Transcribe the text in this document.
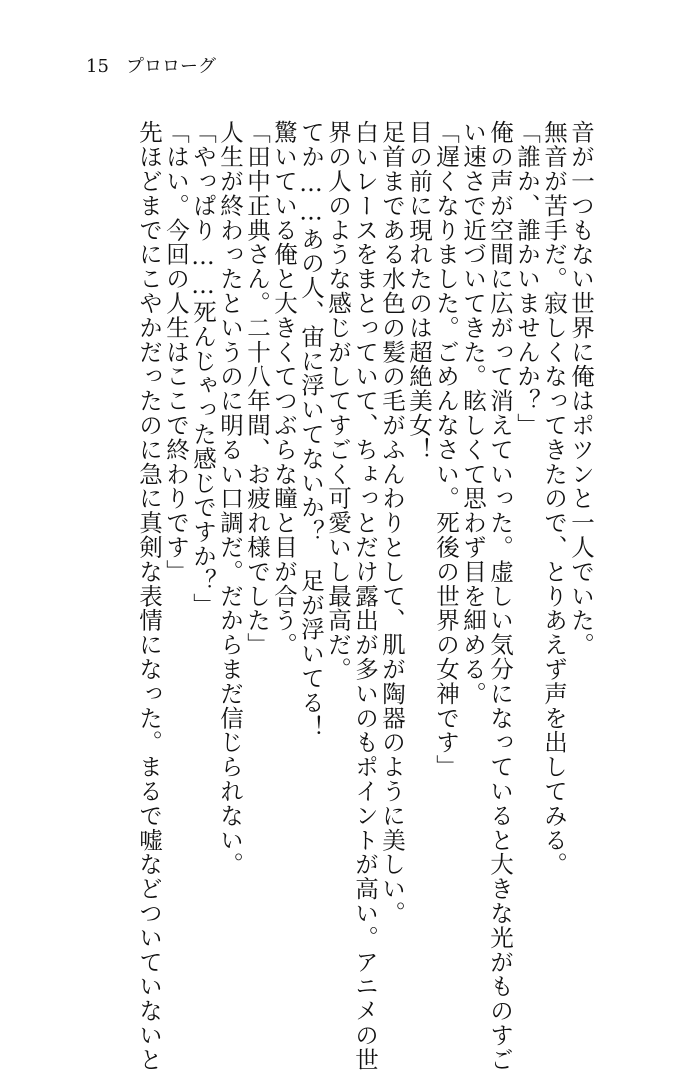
15 プロローグ
音が一つもない世界に俺はポツンと一人でいた。
無音が苦手だ。寂しくなってきたので、とりあえず声を出してみる。
「誰か、誰かいませんか？」
俺の声が空間に広がって消えていった。虚しい気分になっていると大きな光がものすご
い速さで近づいてきた。眩しくて思わず目を細める。
「遅くなりました。ごめんなさい。死後の世界の女神です」
目の前に現れたのは超絶美女！
足首まである水色の髪の毛がふんわりとして、肌が陶器のように美しい。
白いレースをまとっていて、ちょっとだけ露出が多いのもポイントが高い。アニメの世
界の人のような感じがしてすごく可愛いし最高だ。
てか……あの人、宙に浮いてないか？　足が浮いてる！
驚いている俺と大きくてつぶらな瞳と目が合う。
「田中正典さん。二十八年間、お疲れ様でした」
人生が終わったというのに明るい口調だ。だからまだ信じられない。
「やっぱり……死んじゃった感じですか？」
「はい。今回の人生はここで終わりです」
先ほどまでにこやかだったのに急に真剣な表情になった。まるで嘘などついていないと
